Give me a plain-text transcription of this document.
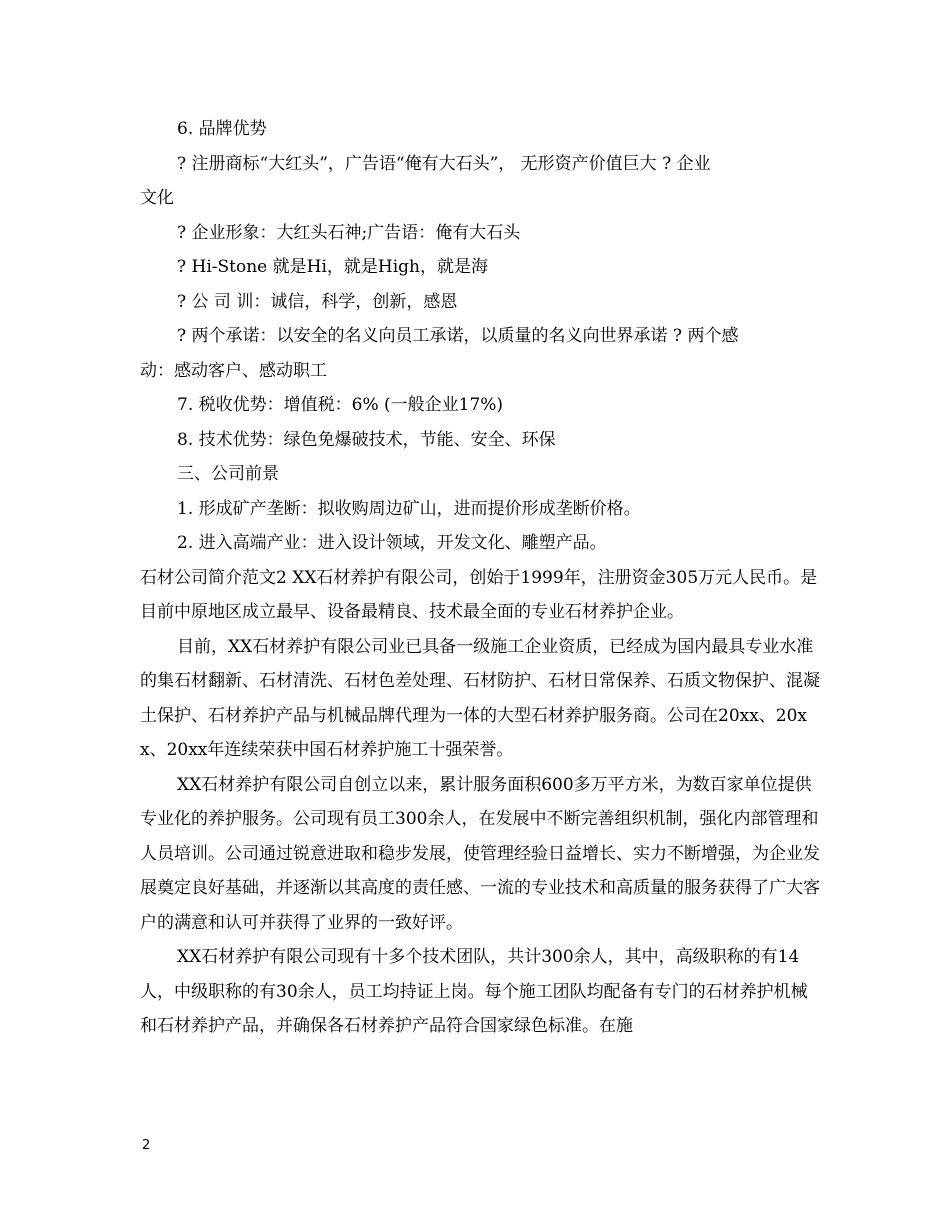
6. 品牌优势
? 注册商标“大红头”，广告语“俺有大石头”， 无形资产价值巨大 ? 企业
文化
? 企业形象：大红头石神;广告语：俺有大石头
? Hi-Stone 就是Hi，就是High，就是海
? 公 司 训：诚信，科学，创新，感恩
? 两个承诺：以安全的名义向员工承诺，以质量的名义向世界承诺 ? 两个感
动：感动客户、感动职工
7. 税收优势：增值税：6% (一般企业17%)
8. 技术优势：绿色免爆破技术，节能、安全、环保
三、公司前景
1. 形成矿产垄断：拟收购周边矿山，进而提价形成垄断价格。
2. 进入高端产业：进入设计领域，开发文化、雕塑产品。

石材公司简介范文2 XX石材养护有限公司，创始于1999年，注册资金305万元人民币。是目前中原地区成立最早、设备最精良、技术最全面的专业石材养护企业。

目前，XX石材养护有限公司业已具备一级施工企业资质，已经成为国内最具专业水准的集石材翻新、石材清洗、石材色差处理、石材防护、石材日常保养、石质文物保护、混凝土保护、石材养护产品与机械品牌代理为一体的大型石材养护服务商。公司在20xx、20xx、20xx年连续荣获中国石材养护施工十强荣誉。

XX石材养护有限公司自创立以来，累计服务面积600多万平方米，为数百家单位提供专业化的养护服务。公司现有员工300余人，在发展中不断完善组织机制，强化内部管理和人员培训。公司通过锐意进取和稳步发展，使管理经验日益增长、实力不断增强，为企业发展奠定良好基础，并逐渐以其高度的责任感、一流的专业技术和高质量的服务获得了广大客户的满意和认可并获得了业界的一致好评。

XX石材养护有限公司现有十多个技术团队，共计300余人，其中，高级职称的有14人，中级职称的有30余人，员工均持证上岗。每个施工团队均配备有专门的石材养护机械和石材养护产品，并确保各石材养护产品符合国家绿色标准。在施

2
